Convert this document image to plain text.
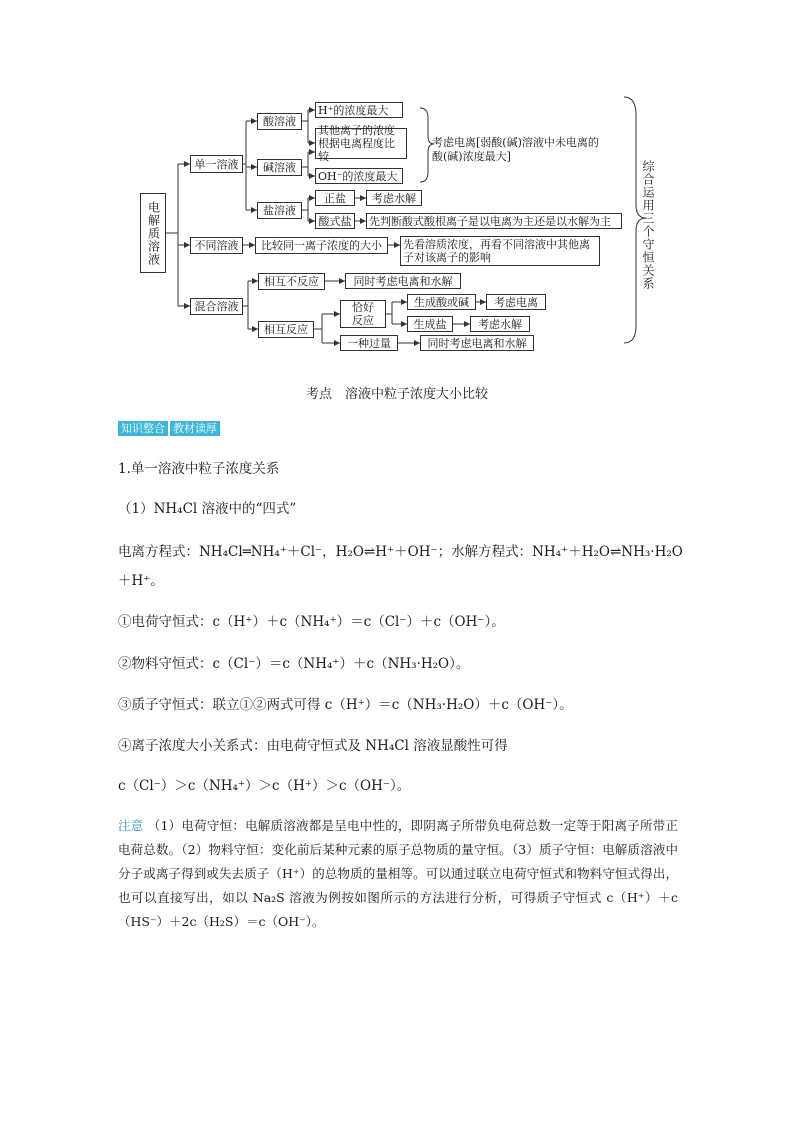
电解质溶液
单一溶液
酸溶液
H⁺的浓度最大
其他离子的浓度根据电离程度比较
碱溶液
OH⁻的浓度最大
考虑电离[弱酸(碱)溶液中未电离的酸(碱)浓度最大]
盐溶液
正盐	考虑水解
酸式盐	先判断酸式酸根离子是以电离为主还是以水解为主
不同溶液	比较同一离子浓度的大小	先看溶质浓度，再看不同溶液中其他离子对该离子的影响
混合溶液
相互不反应	同时考虑电离和水解
相互反应
恰好反应
生成酸或碱	考虑电离
生成盐	考虑水解
一种过量	同时考虑电离和水解
综合运用三个守恒关系
考点　溶液中粒子浓度大小比较
知识整合 教材读厚
1.单一溶液中粒子浓度关系
（1）NH₄Cl 溶液中的“四式”
电离方程式：NH₄Cl═NH₄⁺＋Cl⁻，H₂O⇌H⁺＋OH⁻；水解方程式：NH₄⁺＋H₂O⇌NH₃·H₂O
＋H⁺。
①电荷守恒式：c（H⁺）＋c（NH₄⁺）＝c（Cl⁻）＋c（OH⁻）。
②物料守恒式：c（Cl⁻）＝c（NH₄⁺）＋c（NH₃·H₂O）。
③质子守恒式：联立①②两式可得 c（H⁺）＝c（NH₃·H₂O）＋c（OH⁻）。
④离子浓度大小关系式：由电荷守恒式及 NH₄Cl 溶液显酸性可得
c（Cl⁻）＞c（NH₄⁺）＞c（H⁺）＞c（OH⁻）。
注意 （1）电荷守恒：电解质溶液都是呈电中性的，即阴离子所带负电荷总数一定等于阳离子所带正电荷总数。（2）物料守恒：变化前后某种元素的原子总物质的量守恒。（3）质子守恒：电解质溶液中分子或离子得到或失去质子（H⁺）的总物质的量相等。可以通过联立电荷守恒式和物料守恒式得出，也可以直接写出，如以 Na₂S 溶液为例按如图所示的方法进行分析，可得质子守恒式 c（H⁺）＋c（HS⁻）＋2c（H₂S）＝c（OH⁻）。
